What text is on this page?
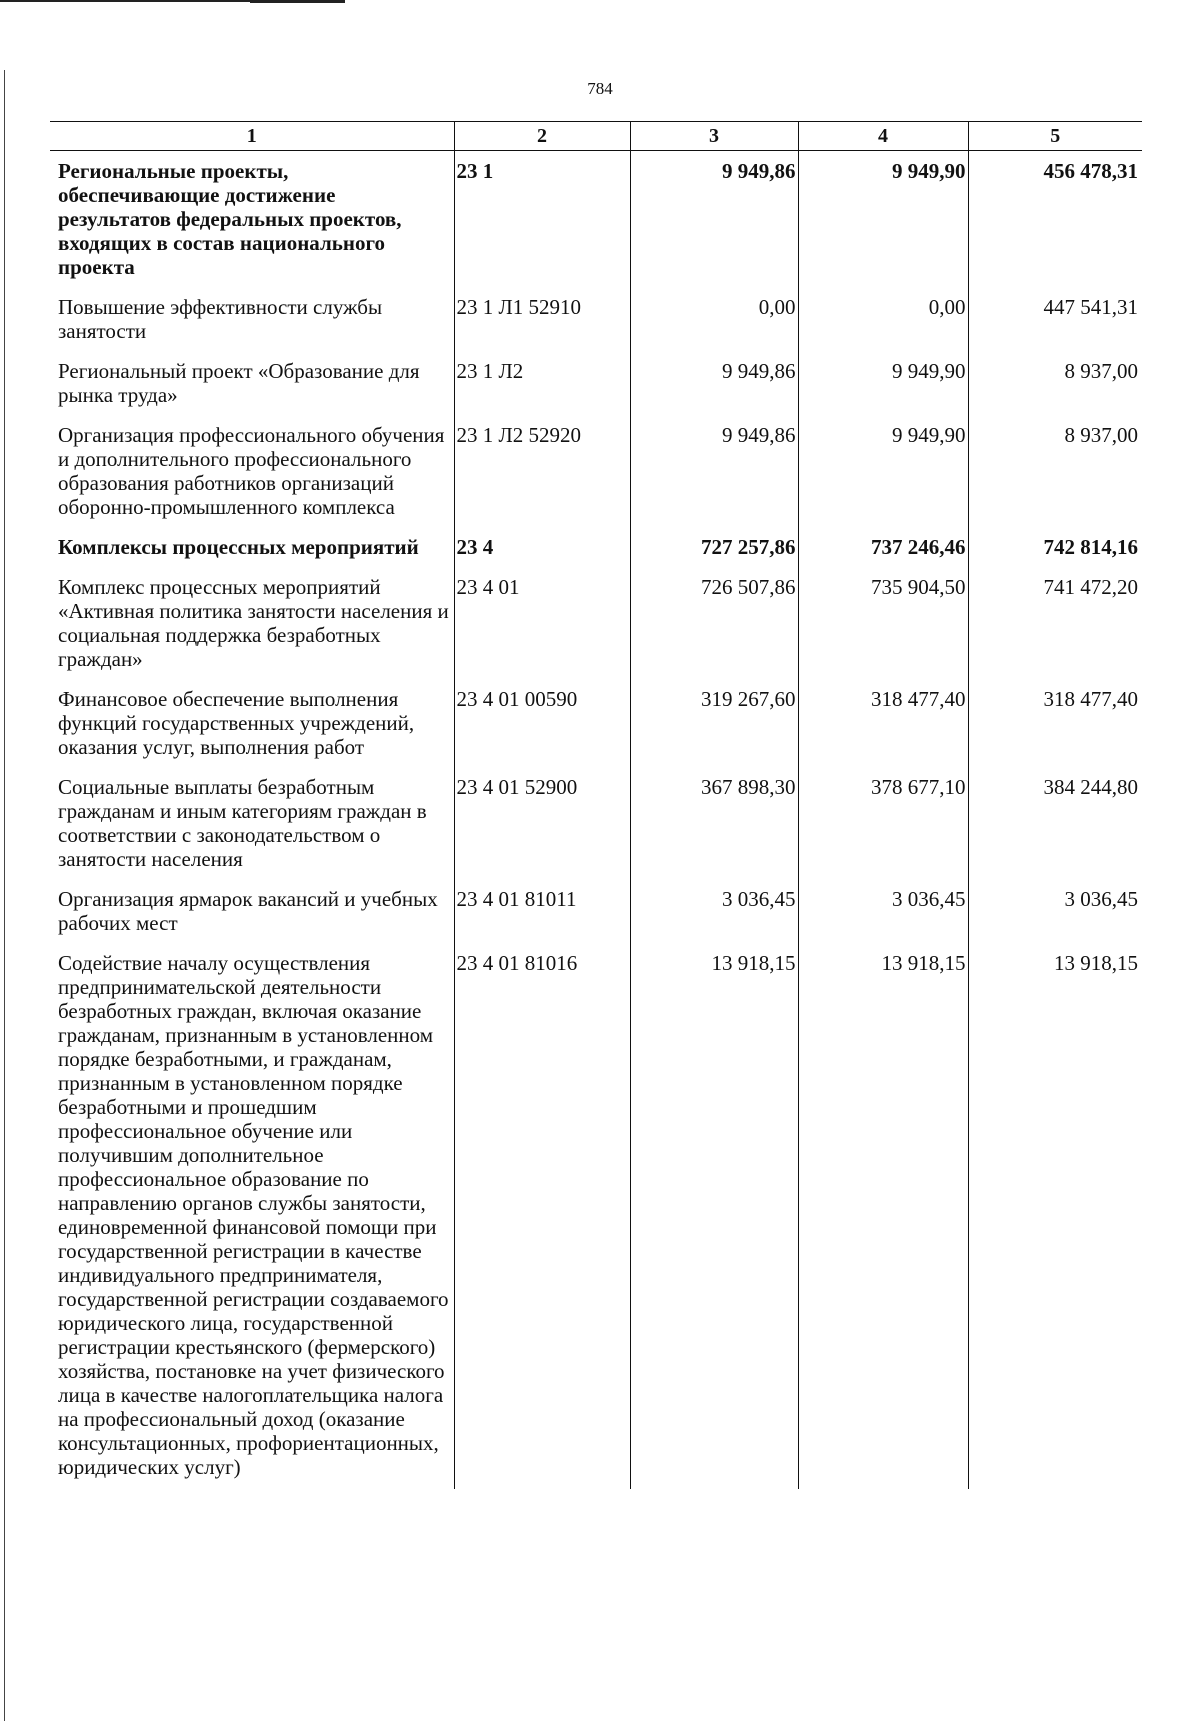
784
1	2	3	4	5
Региональные проекты, обеспечивающие достижение результатов федеральных проектов, входящих в состав национального проекта	23 1	9 949,86	9 949,90	456 478,31
Повышение эффективности службы занятости	23 1 Л1 52910	0,00	0,00	447 541,31
Региональный проект «Образование для рынка труда»	23 1 Л2	9 949,86	9 949,90	8 937,00
Организация профессионального обучения и дополнительного профессионального образования работников организаций оборонно-промышленного комплекса	23 1 Л2 52920	9 949,86	9 949,90	8 937,00
Комплексы процессных мероприятий	23 4	727 257,86	737 246,46	742 814,16
Комплекс процессных мероприятий «Активная политика занятости населения и социальная поддержка безработных граждан»	23 4 01	726 507,86	735 904,50	741 472,20
Финансовое обеспечение выполнения функций государственных учреждений, оказания услуг, выполнения работ	23 4 01 00590	319 267,60	318 477,40	318 477,40
Социальные выплаты безработным гражданам и иным категориям граждан в соответствии с законодательством о занятости населения	23 4 01 52900	367 898,30	378 677,10	384 244,80
Организация ярмарок вакансий и учебных рабочих мест	23 4 01 81011	3 036,45	3 036,45	3 036,45
Содействие началу осуществления предпринимательской деятельности безработных граждан, включая оказание гражданам, признанным в установленном порядке безработными, и гражданам, признанным в установленном порядке безработными и прошедшим профессиональное обучение или получившим дополнительное профессиональное образование по направлению органов службы занятости, единовременной финансовой помощи при государственной регистрации в качестве индивидуального предпринимателя, государственной регистрации создаваемого юридического лица, государственной регистрации крестьянского (фермерского) хозяйства, постановке на учет физического лица в качестве налогоплательщика налога на профессиональный доход (оказание консультационных, профориентационных, юридических услуг)	23 4 01 81016	13 918,15	13 918,15	13 918,15
